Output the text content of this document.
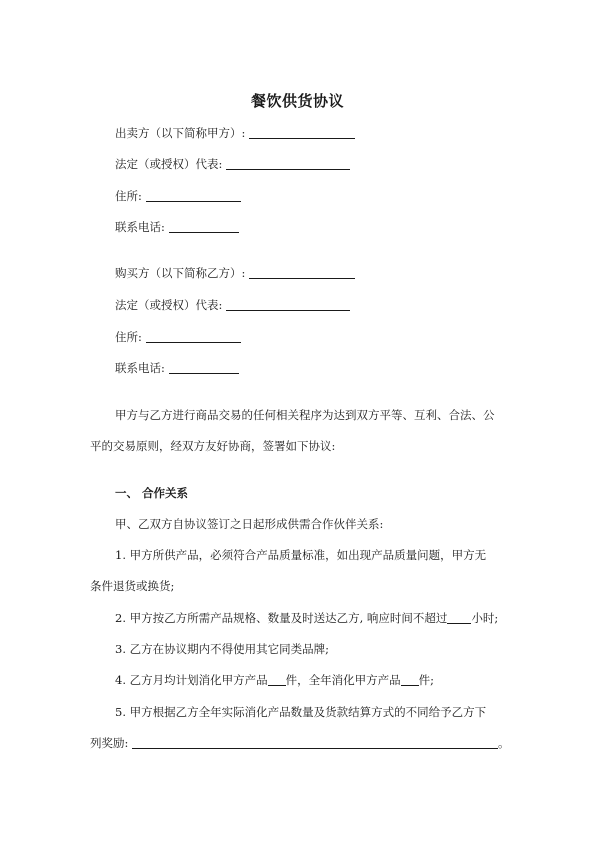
餐饮供货协议
出卖方（以下简称甲方）:
法定（或授权）代表:
住所:
联系电话:
购买方（以下简称乙方）:
法定（或授权）代表:
住所:
联系电话:
甲方与乙方进行商品交易的任何相关程序为达到双方平等、互利、合法、公
平的交易原则，经双方友好协商，签署如下协议:
一、 合作关系
甲、乙双方自协议签订之日起形成供需合作伙伴关系:
1. 甲方所供产品，必须符合产品质量标准，如出现产品质量问题，甲方无
条件退货或换货;
2. 甲方按乙方所需产品规格、数量及时送达乙方, 响应时间不超过 小时;
3. 乙方在协议期内不得使用其它同类品牌;
4. 乙方月均计划消化甲方产品 件，全年消化甲方产品 件;
5. 甲方根据乙方全年实际消化产品数量及货款结算方式的不同给予乙方下
列奖励:	。
